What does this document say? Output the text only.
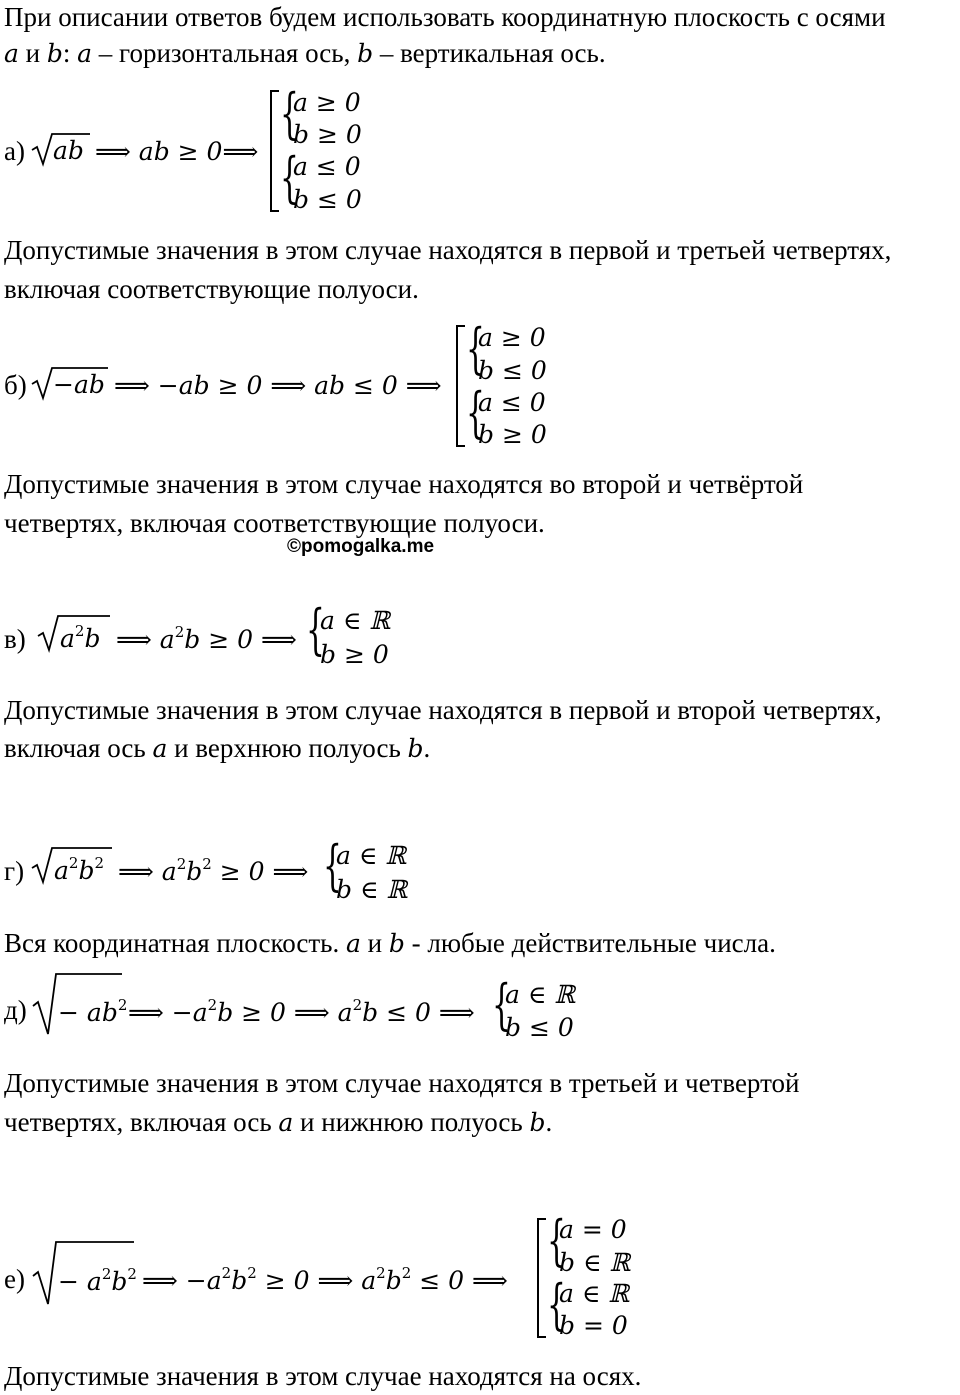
При описании ответов будем использовать координатную плоскость с осями
a и b: a – горизонтальная ось, b – вертикальная ось.
а) ab ⟹ ab ≥ 0⟹
{
{
a ≥ 0
b ≥ 0
a ≤ 0
b ≤ 0
Допустимые значения в этом случае находятся в первой и третьей четвертях,
включая соответствующие полуоси.
б) −ab ⟹ −ab ≥ 0 ⟹ ab ≤ 0 ⟹
{
{
a ≥ 0
b ≤ 0
a ≤ 0
b ≥ 0
Допустимые значения в этом случае находятся во второй и четвёртой
четвертях, включая соответствующие полуоси.
©pomogalka.me
в) $a^2b$ ⟹ $a^2b \ge 0$ ⟹ {
a ∈ ℝ
b ≥ 0
Допустимые значения в этом случае находятся в первой и второй четвертях,
включая ось a и верхнюю полуось b.
г) $a^2b^2$ ⟹ $a^2b^2 \ge 0$ ⟹ {
a ∈ ℝ
b ∈ ℝ
Вся координатная плоскость. a и b - любые действительные числа.
$д) - ab^2$ ⟹ $-a^2b \ge 0$ ⟹ $a^2b \le 0$ ⟹ {
a ∈ ℝ
b ≤ 0
Допустимые значения в этом случае находятся в третьей и четвертой
четвертях, включая ось a и нижнюю полуось b.
$е) - a^2b^2$ ⟹ $-a^2b^2 \ge 0$ ⟹ $a^2b^2 \le 0$ ⟹
{
{
a = 0
b ∈ ℝ
a ∈ ℝ
b = 0
Допустимые значения в этом случае находятся на осях.
